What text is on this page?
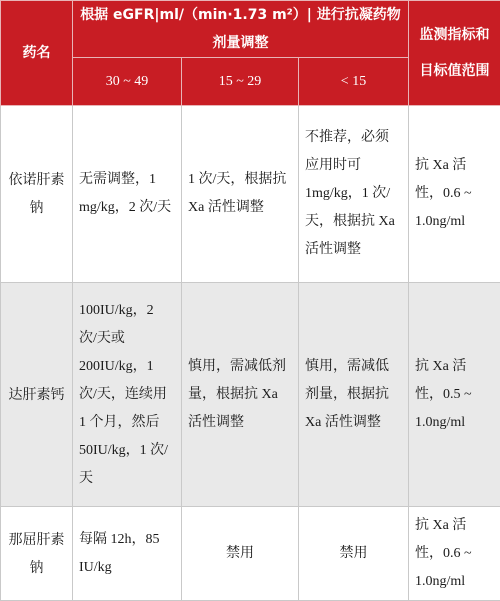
药名	根据 eGFR|ml/（min·1.73 m²）| 进行抗凝药物剂量调整			监测指标和目标值范围
	30 ~ 49	15 ~ 29	< 15	
依诺肝素钠	无需调整，1 mg/kg，2 次/天	1 次/天，根据抗 Xa 活性调整	不推荐，必须应用时可 1mg/kg，1 次/天，根据抗 Xa 活性调整	抗 Xa 活性，0.6 ~ 1.0ng/ml
达肝素钙	100IU/kg，2 次/天或 200IU/kg，1 次/天，连续用 1 个月，然后 50IU/kg，1 次/天	慎用，需减低剂量，根据抗 Xa 活性调整	慎用，需减低剂量，根据抗 Xa 活性调整	抗 Xa 活性，0.5 ~ 1.0ng/ml
那屈肝素钠	每隔 12h，85 IU/kg	禁用	禁用	抗 Xa 活性，0.6 ~ 1.0ng/ml
